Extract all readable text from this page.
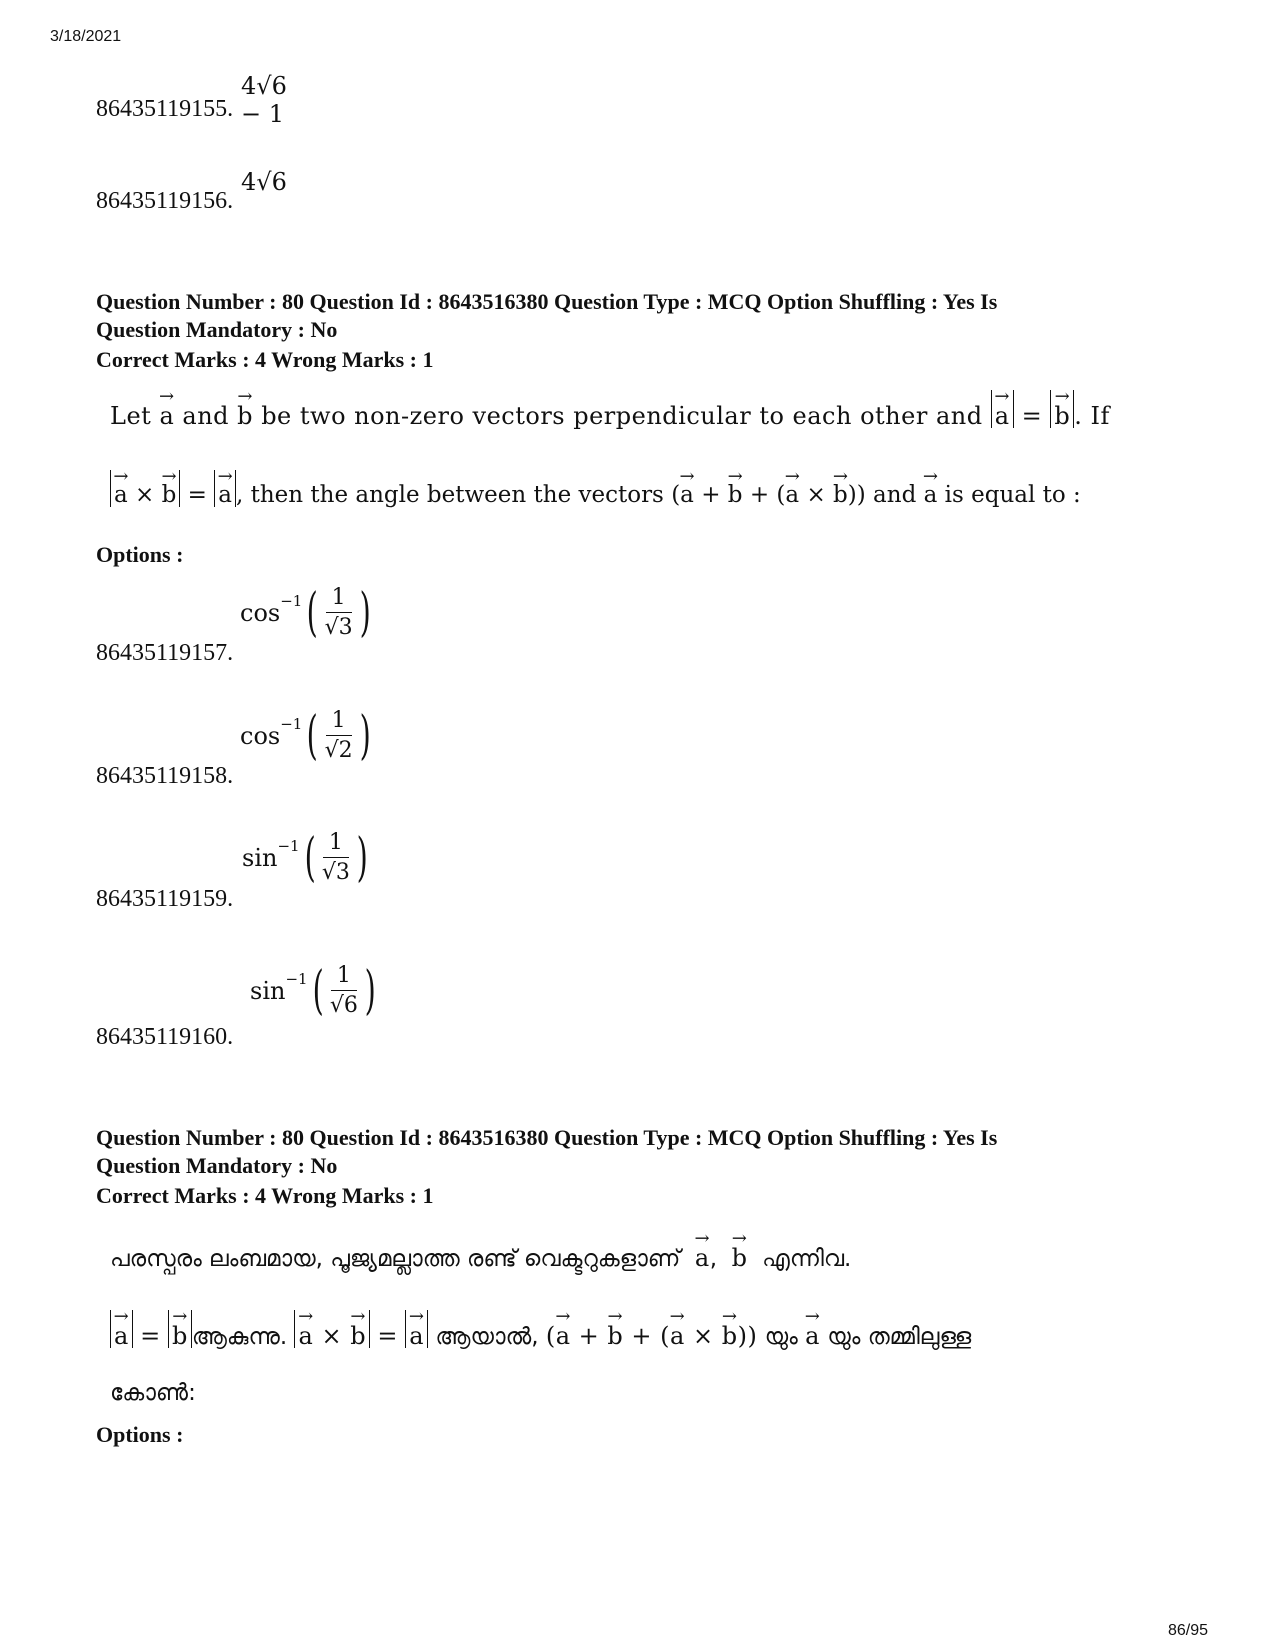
3/18/2021
86/95
4√6 − 1
86435119155.
4√6
86435119156.
Question Number : 80 Question Id : 8643516380 Question Type : MCQ Option Shuffling : Yes Is
Question Mandatory : No
Correct Marks : 4 Wrong Marks : 1
Let → a and → b be two non-zero vectors perpendicular to each other and → a = → b . If
→ a × → b = → a , then the angle between the vectors (→ a + → b + (→ a × → b)) and → a is equal to :
Options :
cos −1 ( $\frac{1}{√3}$ )
86435119157.
cos −1 ( $\frac{1}{√2}$ )
86435119158.
sin −1 ( $\frac{1}{√3}$ )
86435119159.
sin −1 ( $\frac{1}{√6}$ )
86435119160.
Question Number : 80 Question Id : 8643516380 Question Type : MCQ Option Shuffling : Yes Is
Question Mandatory : No
Correct Marks : 4 Wrong Marks : 1
പരസ്പരം ലംബമായ, പൂജ്യമല്ലാത്ത രണ്ട് വെക്ടറുകളാണ് → a, → b എന്നിവ.
→ a = → b ആകുന്നു. → a × → b = → a ആയാൽ, (→ a + → b + (→ a × → b)) യും → a യും തമ്മിലുള്ള
കോൺ:
Options :
